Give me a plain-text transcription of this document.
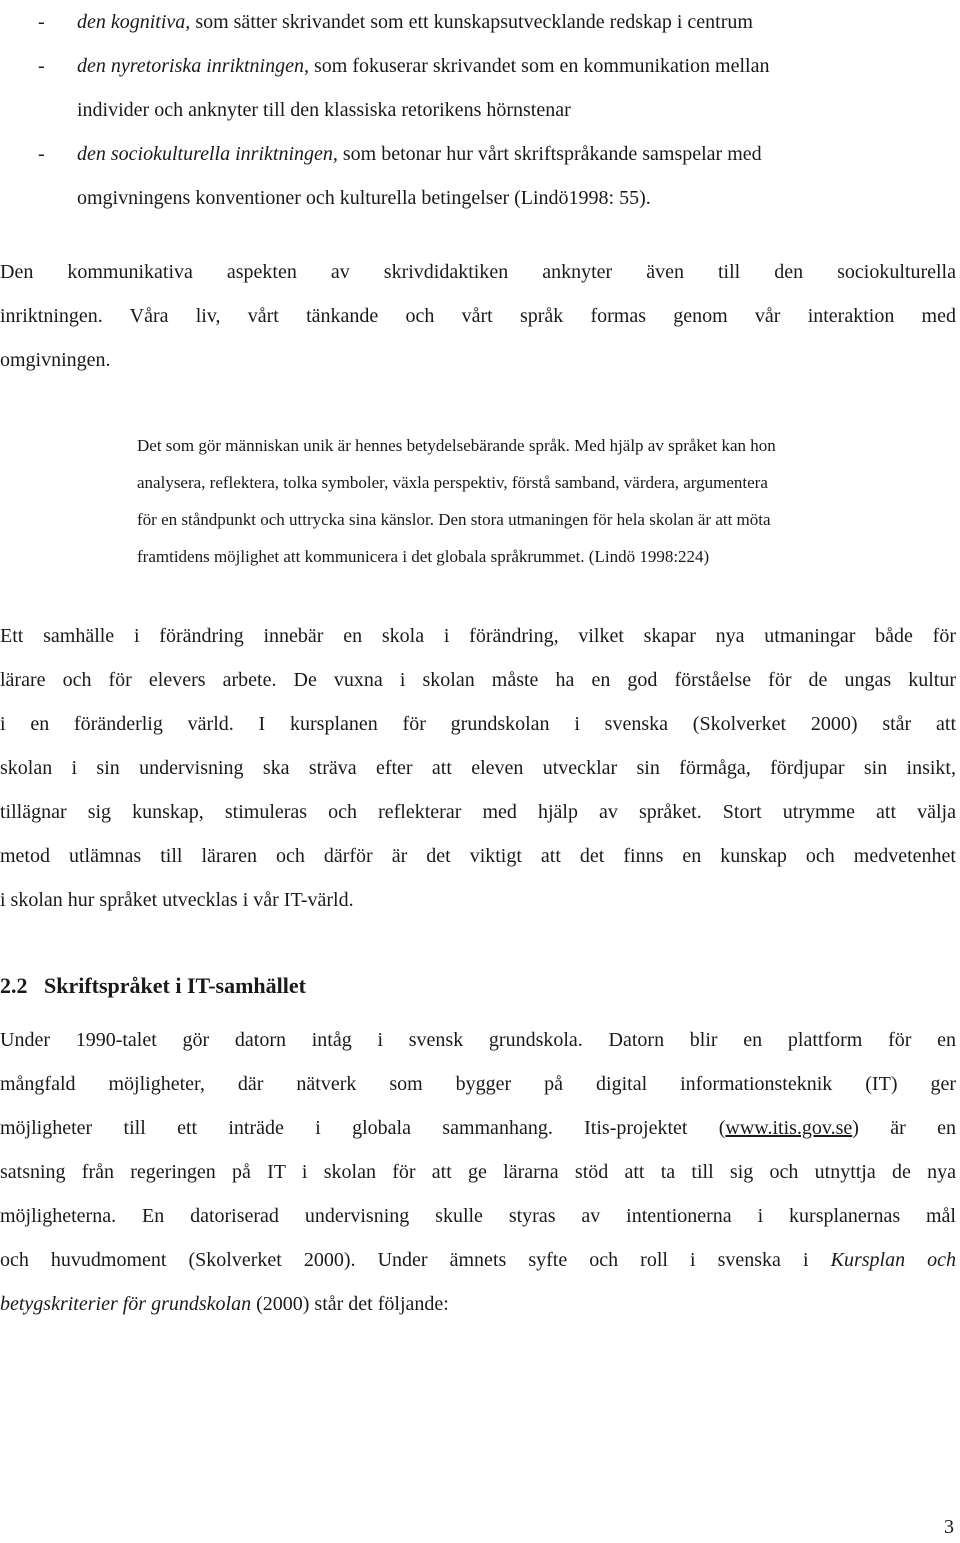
- den kognitiva, som sätter skrivandet som ett kunskapsutvecklande redskap i centrum
- den nyretoriska inriktningen, som fokuserar skrivandet som en kommunikation mellan
individer och anknyter till den klassiska retorikens hörnstenar
- den sociokulturella inriktningen, som betonar hur vårt skriftspråkande samspelar med
omgivningens konventioner och kulturella betingelser (Lindö1998: 55).

Den kommunikativa aspekten av skrivdidaktiken anknyter även till den sociokulturella
inriktningen. Våra liv, vårt tänkande och vårt språk formas genom vår interaktion med
omgivningen.

Det som gör människan unik är hennes betydelsebärande språk. Med hjälp av språket kan hon
analysera, reflektera, tolka symboler, växla perspektiv, förstå samband, värdera, argumentera
för en ståndpunkt och uttrycka sina känslor. Den stora utmaningen för hela skolan är att möta
framtidens möjlighet att kommunicera i det globala språkrummet. (Lindö 1998:224)

Ett samhälle i förändring innebär en skola i förändring, vilket skapar nya utmaningar både för
lärare och för elevers arbete. De vuxna i skolan måste ha en god förståelse för de ungas kultur
i en föränderlig värld. I kursplanen för grundskolan i svenska (Skolverket 2000) står att
skolan i sin undervisning ska sträva efter att eleven utvecklar sin förmåga, fördjupar sin insikt,
tillägnar sig kunskap, stimuleras och reflekterar med hjälp av språket. Stort utrymme att välja
metod utlämnas till läraren och därför är det viktigt att det finns en kunskap och medvetenhet
i skolan hur språket utvecklas i vår IT-värld.

2.2 Skriftspråket i IT-samhället

Under 1990-talet gör datorn intåg i svensk grundskola. Datorn blir en plattform för en
mångfald möjligheter, där nätverk som bygger på digital informationsteknik (IT) ger
möjligheter till ett inträde i globala sammanhang. Itis-projektet (www.itis.gov.se) är en
satsning från regeringen på IT i skolan för att ge lärarna stöd att ta till sig och utnyttja de nya
möjligheterna. En datoriserad undervisning skulle styras av intentionerna i kursplanernas mål
och huvudmoment (Skolverket 2000). Under ämnets syfte och roll i svenska i Kursplan och
betygskriterier för grundskolan (2000) står det följande:

3
